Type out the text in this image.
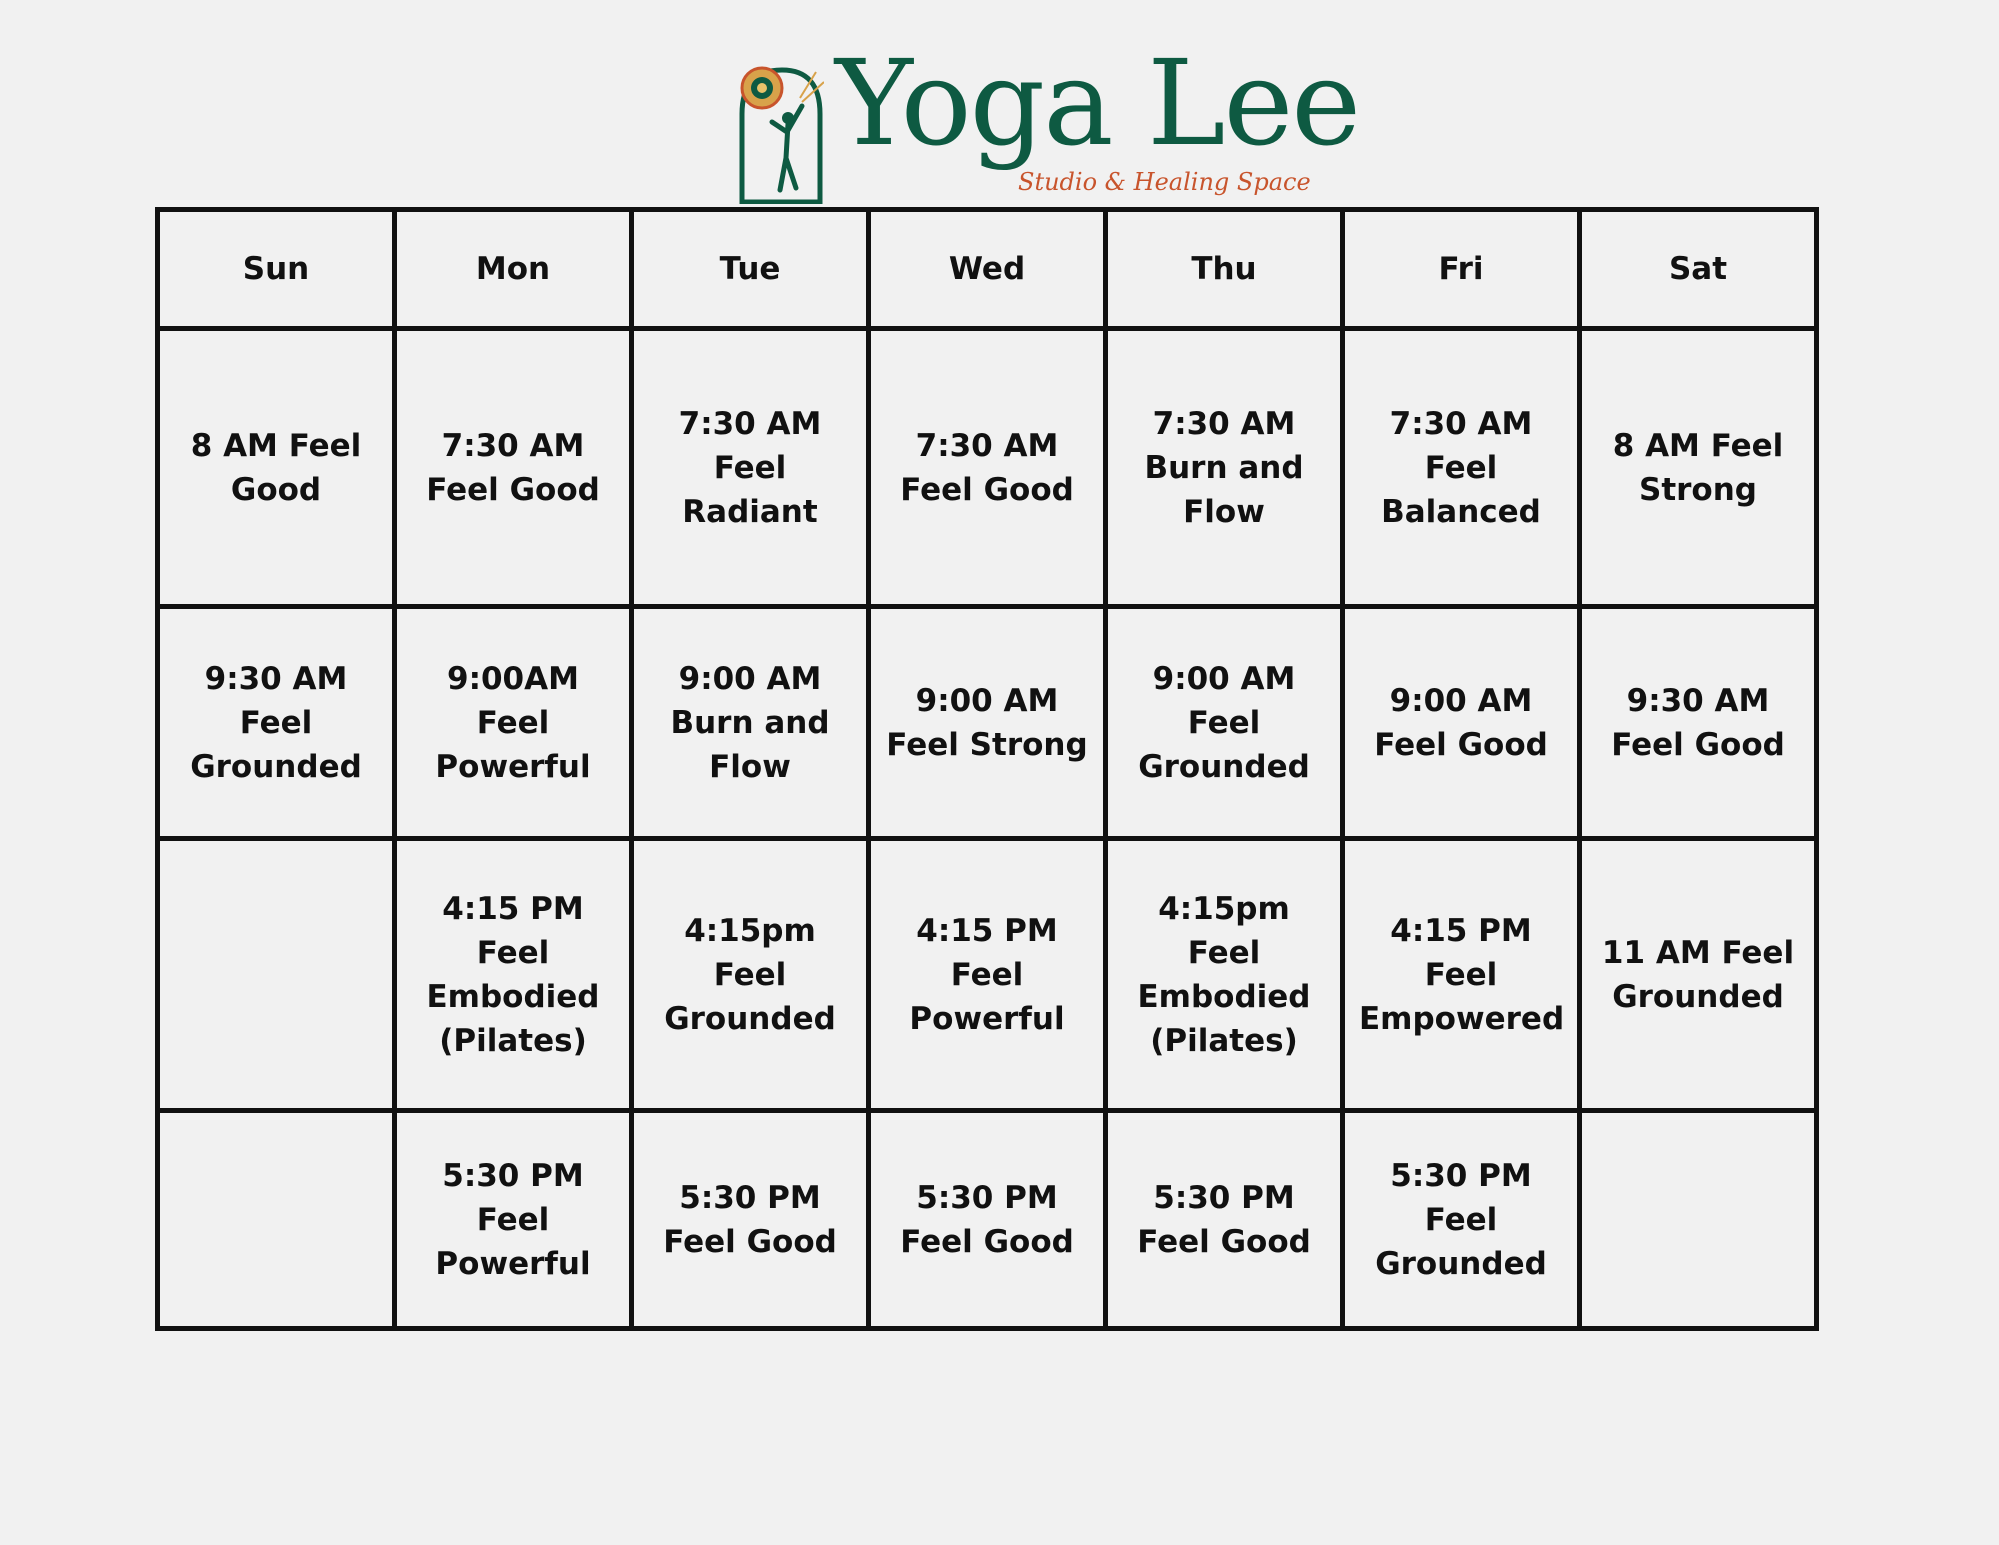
Yoga Lee
Studio & Healing Space
Sun	Mon	Tue	Wed	Thu	Fri	Sat
8 AM Feel Good	7:30 AM Feel Good	7:30 AM Feel Radiant	7:30 AM Feel Good	7:30 AM Burn and Flow	7:30 AM Feel Balanced	8 AM Feel Strong
9:30 AM Feel Grounded	9:00AM Feel Powerful	9:00 AM Burn and Flow	9:00 AM Feel Strong	9:00 AM Feel Grounded	9:00 AM Feel Good	9:30 AM Feel Good
	4:15 PM Feel Embodied (Pilates)	4:15pm Feel Grounded	4:15 PM Feel Powerful	4:15pm Feel Embodied (Pilates)	4:15 PM Feel Empowered	11 AM Feel Grounded
	5:30 PM Feel Powerful	5:30 PM Feel Good	5:30 PM Feel Good	5:30 PM Feel Good	5:30 PM Feel Grounded	
